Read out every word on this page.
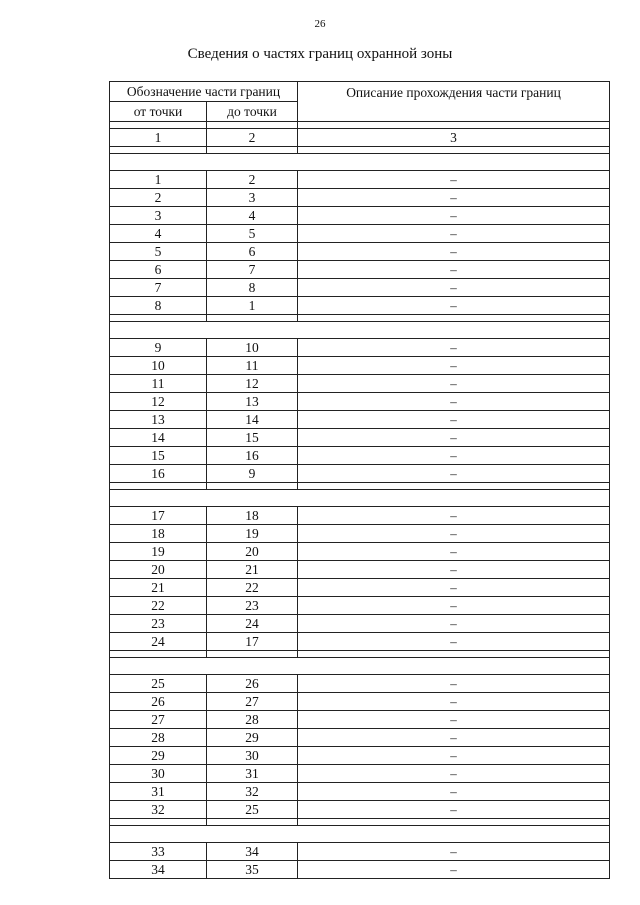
26
Сведения о частях границ охранной зоны
Обозначение части границ		Описание прохождения части границ
от точки	до точки	

1	2	3

1	2	–
2	3	–
3	4	–
4	5	–
5	6	–
6	7	–
7	8	–
8	1	–

9	10	–
10	11	–
11	12	–
12	13	–
13	14	–
14	15	–
15	16	–
16	9	–

17	18	–
18	19	–
19	20	–
20	21	–
21	22	–
22	23	–
23	24	–
24	17	–

25	26	–
26	27	–
27	28	–
28	29	–
29	30	–
30	31	–
31	32	–
32	25	–

33	34	–
34	35	–
